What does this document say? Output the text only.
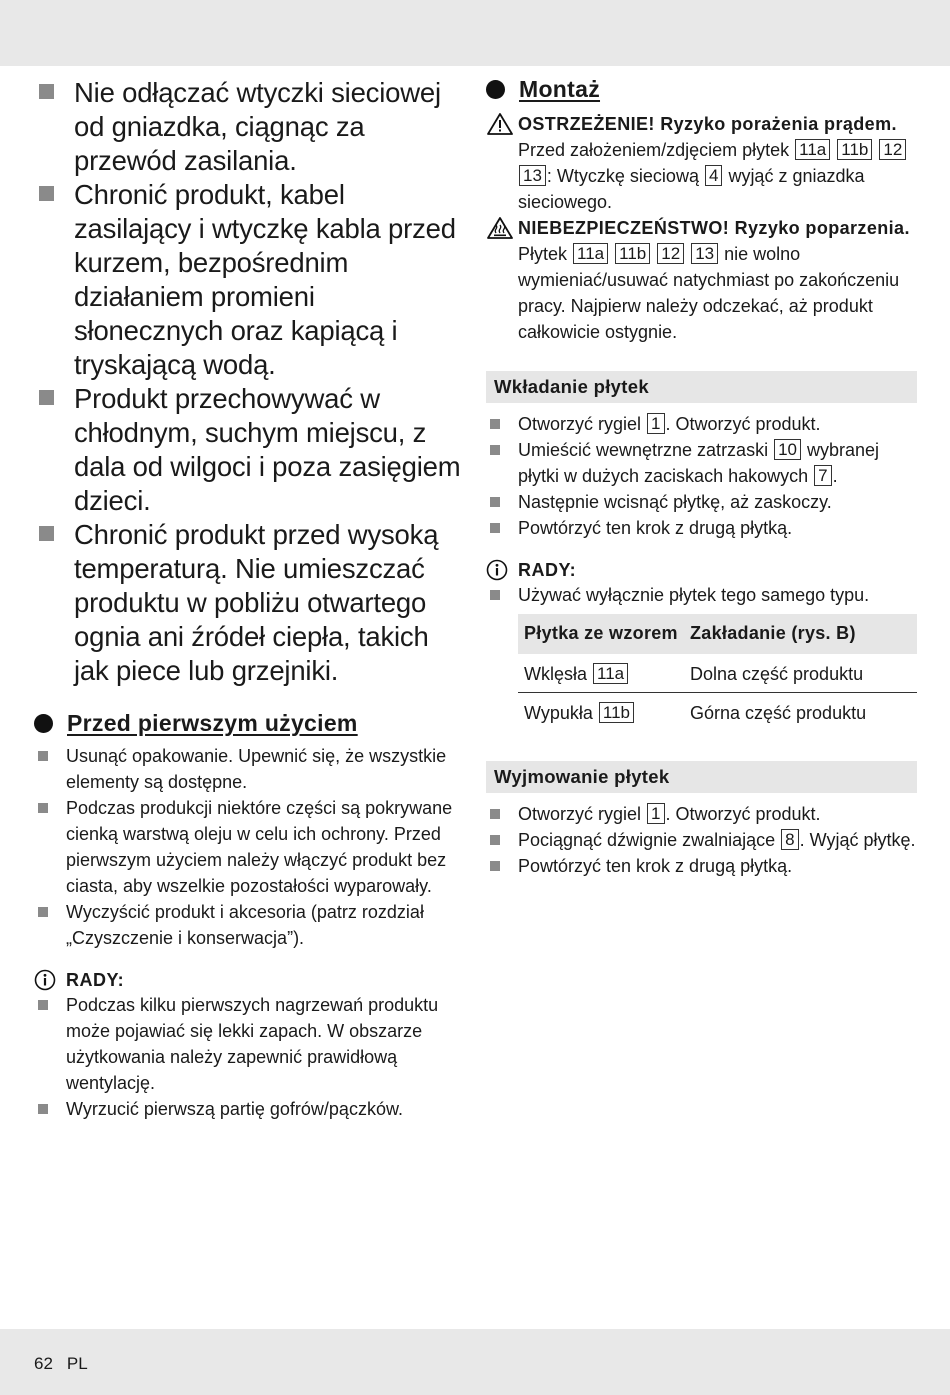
Nie odłączać wtyczki sieciowej od gniazdka, ciągnąc za przewód zasilania.
Chronić produkt, kabel zasilający i wtyczkę kabla przed kurzem, bezpośrednim działaniem promieni słonecznych oraz kapiącą i tryskającą wodą.
Produkt przechowywać w chłodnym, suchym miejscu, z dala od wilgoci i poza zasięgiem dzieci.
Chronić produkt przed wysoką temperaturą. Nie umieszczać produktu w pobliżu otwartego ognia ani źródeł ciepła, takich jak piece lub grzejniki.
Przed pierwszym użyciem
Usunąć opakowanie. Upewnić się, że wszystkie elementy są dostępne.
Podczas produkcji niektóre części są pokrywane cienką warstwą oleju w celu ich ochrony. Przed pierwszym użyciem należy włączyć produkt bez ciasta, aby wszelkie pozostałości wyparowały.
Wyczyścić produkt i akcesoria (patrz rozdział „Czyszczenie i konserwacja”).
RADY:
Podczas kilku pierwszych nagrzewań produktu może pojawiać się lekki zapach. W obszarze użytkowania należy zapewnić prawidłową wentylację.
Wyrzucić pierwszą partię gofrów/pączków.
Montaż
OSTRZEŻENIE! Ryzyko porażenia prądem. Przed założeniem/zdjęciem płytek 11a 11b 12 13 : Wtyczkę sieciową 4 wyjąć z gniazdka sieciowego.
NIEBEZPIECZEŃSTWO! Ryzyko poparzenia. Płytek 11a 11b 12 13 nie wolno wymieniać/usuwać natychmiast po zakończeniu pracy. Najpierw należy odczekać, aż produkt całkowicie ostygnie.
Wkładanie płytek
Otworzyć rygiel 1 . Otworzyć produkt.
Umieścić wewnętrzne zatrzaski 10 wybranej płytki w dużych zaciskach hakowych 7 .
Następnie wcisnąć płytkę, aż zaskoczy.
Powtórzyć ten krok z drugą płytką.
RADY:
Używać wyłącznie płytek tego samego typu.
Płytka ze wzorem	Zakładanie (rys. B)
Wklęsła 11a	Dolna część produktu
Wypukła 11b	Górna część produktu
Wyjmowanie płytek
Otworzyć rygiel 1 . Otworzyć produkt.
Pociągnąć dźwignie zwalniające 8 . Wyjąć płytkę.
Powtórzyć ten krok z drugą płytką.
62 PL
